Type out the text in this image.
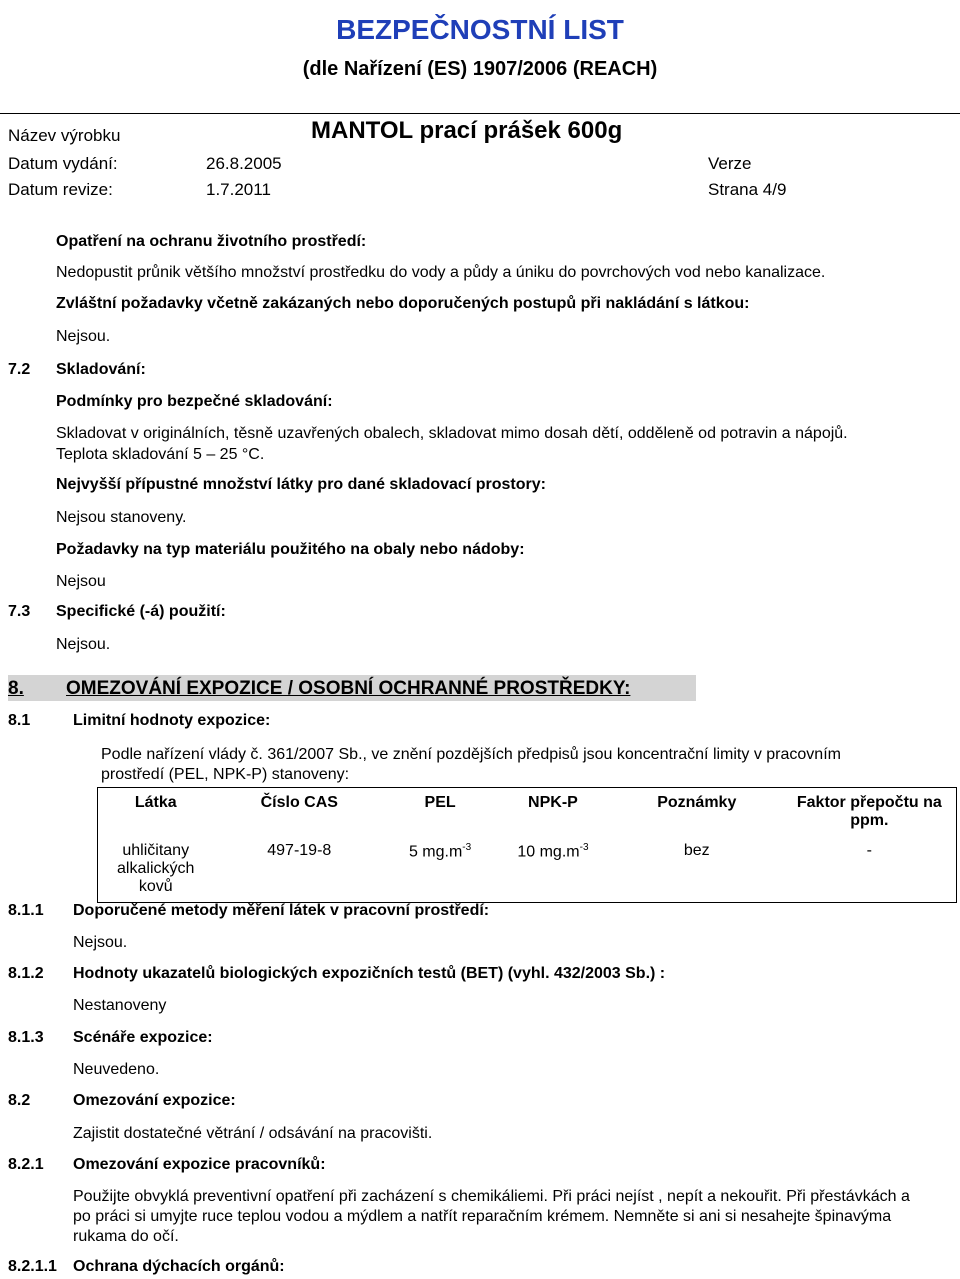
BEZPEČNOSTNÍ LIST
(dle Nařízení (ES) 1907/2006 (REACH)
Název výrobku	MANTOL prací prášek 600g
Datum vydání:	26.8.2005	Verze
Datum revize:	1.7.2011	Strana 4/9
Opatření na ochranu životního prostředí:
Nedopustit průnik většího množství prostředku do vody a půdy a úniku do povrchových vod nebo kanalizace.
Zvláštní požadavky včetně zakázaných nebo doporučených postupů při nakládání s látkou:
Nejsou.
7.2 Skladování:
Podmínky pro bezpečné skladování:
Skladovat v originálních, těsně uzavřených obalech, skladovat mimo dosah dětí, odděleně od potravin a nápojů.
Teplota skladování 5 – 25 °C.
Nejvyšší přípustné množství látky pro dané skladovací prostory:
Nejsou stanoveny.
Požadavky na typ materiálu použitého na obaly nebo nádoby:
Nejsou
7.3 Specifické (-á) použití:
Nejsou.
8. OMEZOVÁNÍ EXPOZICE / OSOBNÍ OCHRANNÉ PROSTŘEDKY:
8.1	Limitní hodnoty expozice:
Podle nařízení vlády č. 361/2007 Sb., ve znění pozdějších předpisů jsou koncentrační limity v pracovním prostředí (PEL, NPK-P) stanoveny:
Látka	Číslo CAS	PEL	NPK-P	Poznámky	Faktor přepočtu na ppm.
uhličitany alkalických kovů	497-19-8	5 $mg.m^{-3}$	10 $mg.m^{-3}$	bez	-
8.1.1 Doporučené metody měření látek v pracovní prostředí:
Nejsou.
8.1.2 Hodnoty ukazatelů biologických expozičních testů (BET) (vyhl. 432/2003 Sb.) :
Nestanoveny
8.1.3 Scénáře expozice:
Neuvedeno.
8.2	Omezování expozice:
Zajistit dostatečné větrání / odsávání na pracovišti.
8.2.1 Omezování expozice pracovníků:
Použijte obvyklá preventivní opatření při zacházení s chemikáliemi. Při práci nejíst , nepít a nekouřit. Při přestávkách a po práci si umyjte ruce teplou vodou a mýdlem a natřít reparačním krémem. Nemněte si ani si nesahejte špinavýma rukama do očí.
8.2.1.1 Ochrana dýchacích orgánů:
